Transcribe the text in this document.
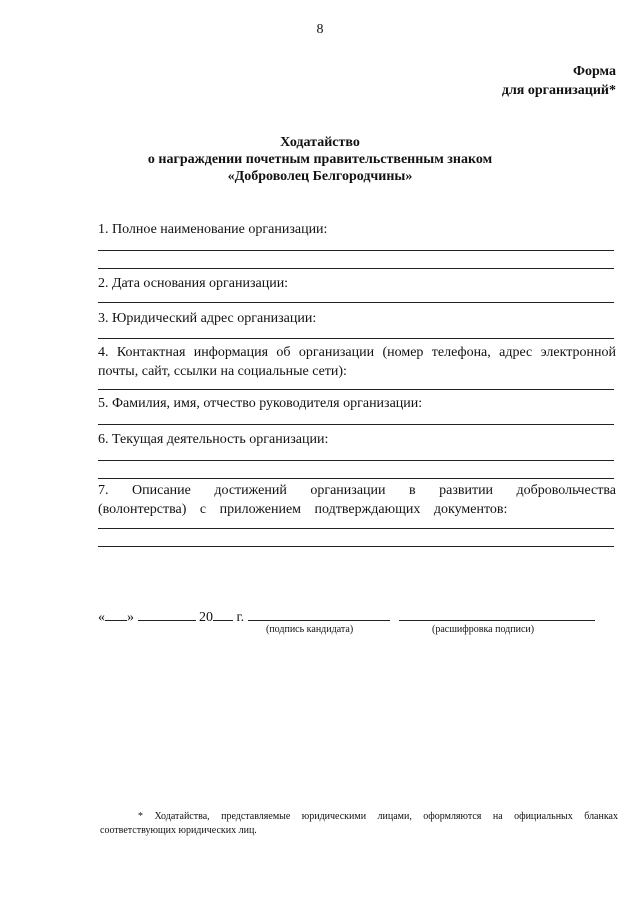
8
Форма
для организаций*
Ходатайство
о награждении почетным правительственным знаком
«Доброволец Белгородчины»
1. Полное наименование организации:
2. Дата основания организации:
3. Юридический адрес организации:
4. Контактная информация об организации (номер телефона, адрес электронной почты, сайт, ссылки на социальные сети):
5. Фамилия, имя, отчество руководителя организации:
6. Текущая деятельность организации:
7. Описание достижений организации в развитии добровольчества (волонтерства) с приложением подтверждающих документов:
« »	20 г.
(подпись кандидата)	(расшифровка подписи)
* Ходатайства, представляемые юридическими лицами, оформляются на официальных бланках соответствующих юридических лиц.
